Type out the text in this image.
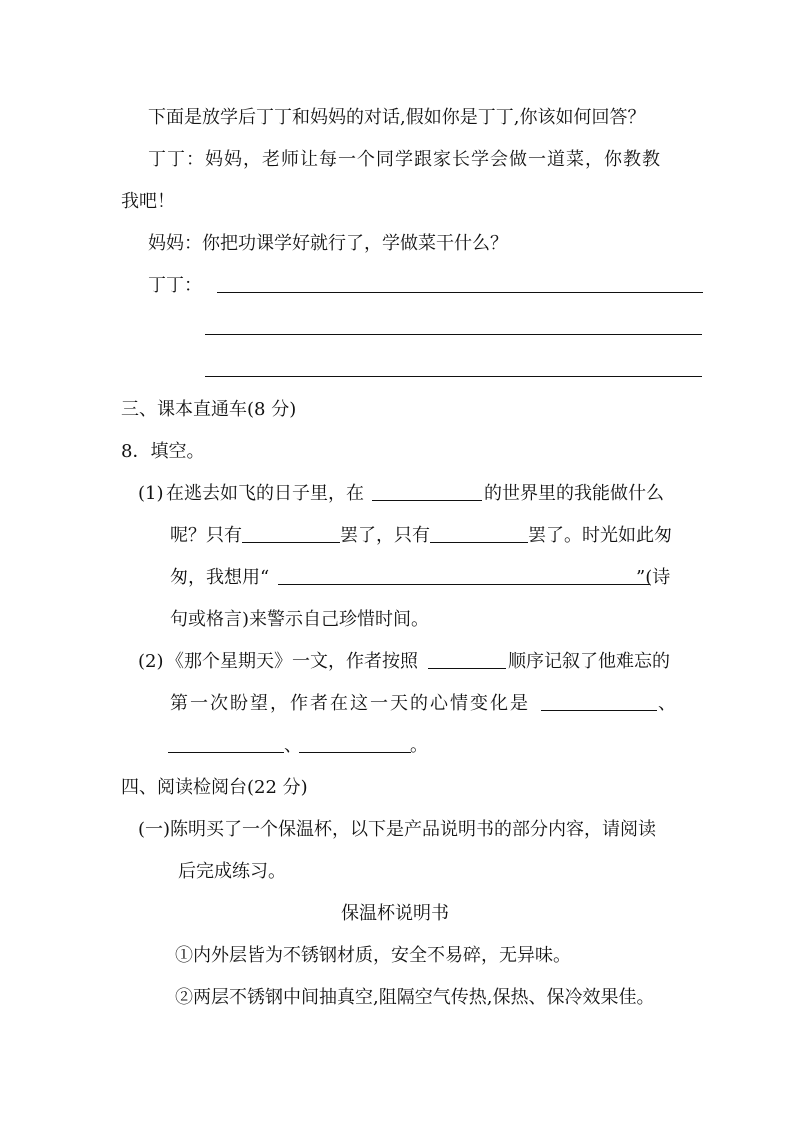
下面是放学后丁丁和妈妈的对话,假如你是丁丁,你该如何回答？
丁丁：妈妈，老师让每一个同学跟家长学会做一道菜，你教教
我吧！
妈妈：你把功课学好就行了，学做菜干什么？
丁丁：
三、课本直通车(8 分)
8．填空。
(1) 在逃去如飞的日子里，在	的世界里的我能做什么
呢？只有	罢了，只有	罢了。时光如此匆
匆，我想用“	”(诗
句或格言)来警示自己珍惜时间。
(2) 《那个星期天》一文，作者按照	顺序记叙了他难忘的
第一次盼望，作者在这一天的心情变化是	、
、	。
四、阅读检阅台(22 分)
(一) 陈明买了一个保温杯，以下是产品说明书的部分内容，请阅读
后完成练习。
保温杯说明书
①内外层皆为不锈钢材质，安全不易碎，无异味。
②两层不锈钢中间抽真空,阻隔空气传热,保热、保冷效果佳。
